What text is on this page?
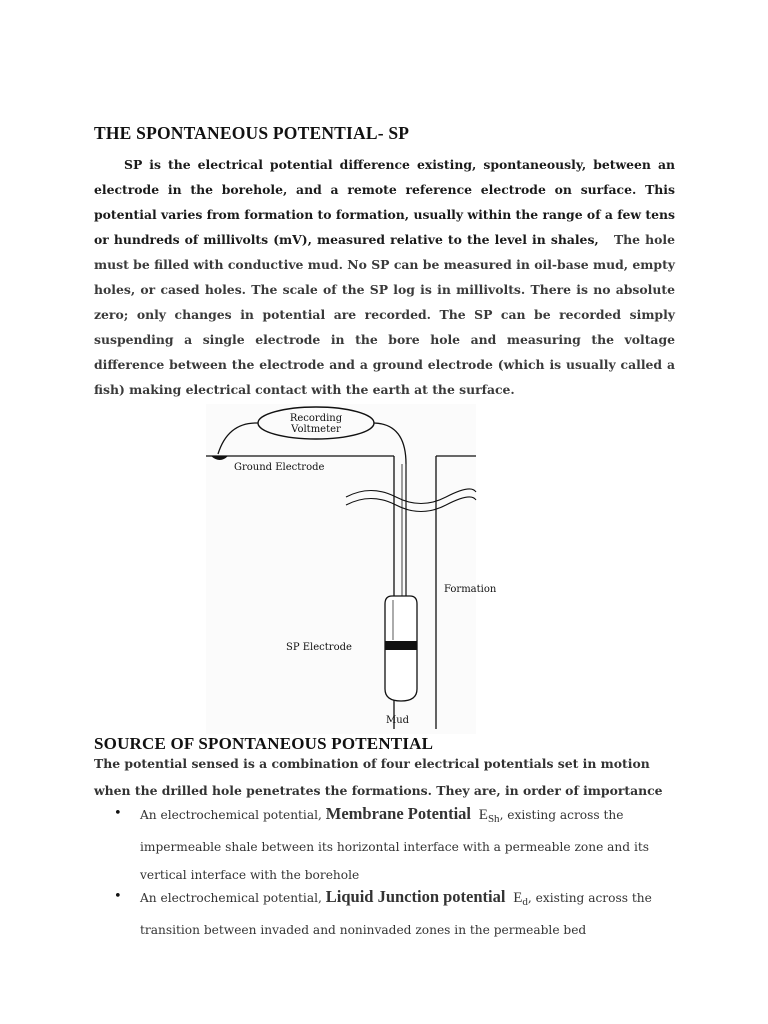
THE SPONTANEOUS POTENTIAL- SP
SP is the electrical potential difference existing, spontaneously, between an electrode in the borehole, and a remote reference electrode on surface. This potential varies from formation to formation, usually within the range of a few tens or hundreds of millivolts (mV), measured relative to the level in shales, The hole must be filled with conductive mud. No SP can be measured in oil-base mud, empty holes, or cased holes. The scale of the SP log is in millivolts. There is no absolute zero; only changes in potential are recorded. The SP can be recorded simply suspending a single electrode in the bore hole and measuring the voltage difference between the electrode and a ground electrode (which is usually called a fish) making electrical contact with the earth at the surface.
Recording
Voltmeter
Ground Electrode
Formation
SP Electrode
Mud
SOURCE OF SPONTANEOUS POTENTIAL
The potential sensed is a combination of four electrical potentials set in motion when the drilled hole penetrates the formations. They are, in order of importance
• An electrochemical potential, Membrane Potential $E_{Sh}$, existing across the impermeable shale between its horizontal interface with a permeable zone and its vertical interface with the borehole
• An electrochemical potential, Liquid Junction potential $E_d$, existing across the transition between invaded and noninvaded zones in the permeable bed
